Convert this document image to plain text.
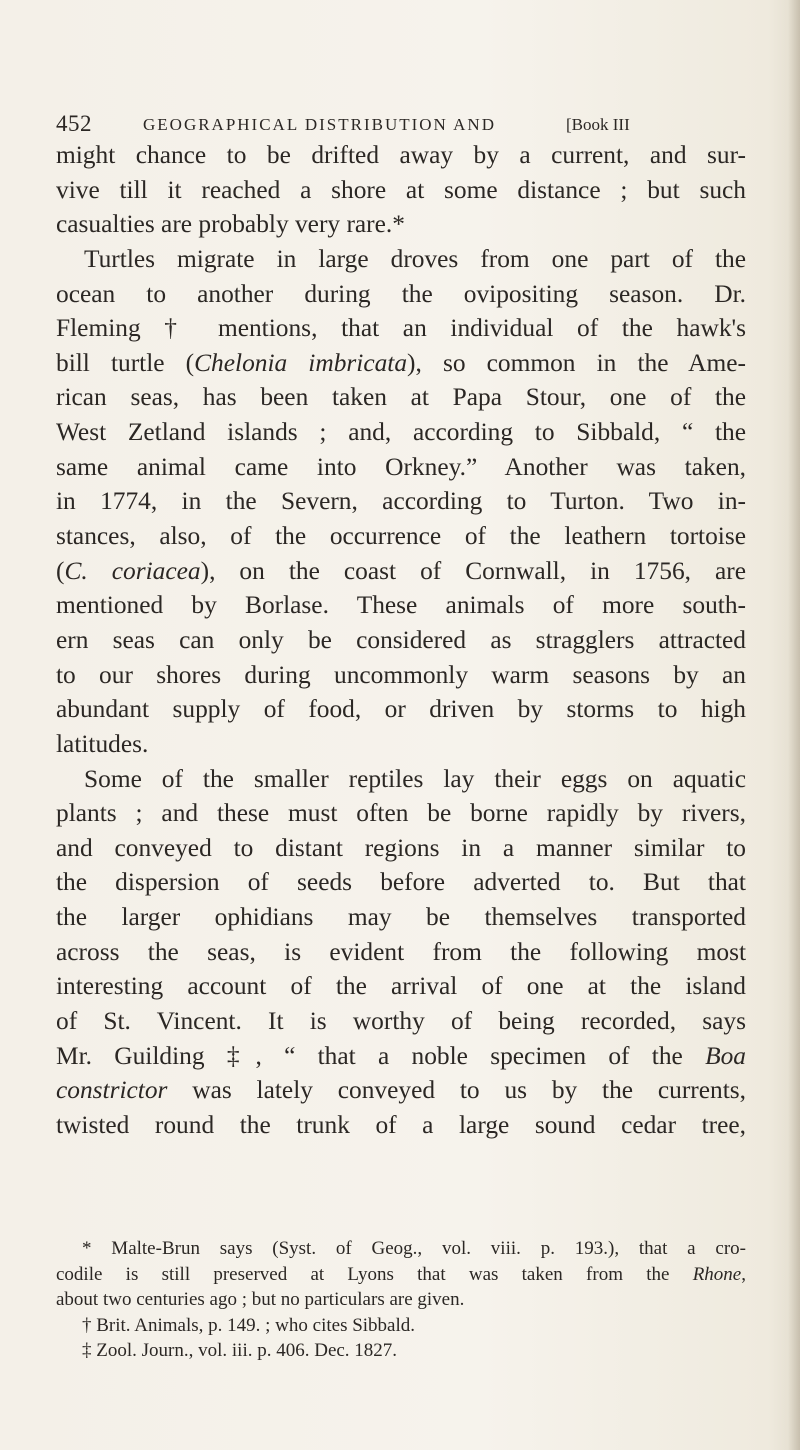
452	GEOGRAPHICAL DISTRIBUTION AND	[Book III
might chance to be drifted away by a current, and sur-
vive till it reached a shore at some distance ; but such
casualties are probably very rare.*
Turtles migrate in large droves from one part of the
ocean to another during the ovipositing season. Dr.
Fleming † mentions, that an individual of the hawk's
bill turtle (Chelonia imbricata), so common in the Ame-
rican seas, has been taken at Papa Stour, one of the
West Zetland islands ; and, according to Sibbald, “ the
same animal came into Orkney.” Another was taken,
in 1774, in the Severn, according to Turton. Two in-
stances, also, of the occurrence of the leathern tortoise
(C. coriacea), on the coast of Cornwall, in 1756, are
mentioned by Borlase. These animals of more south-
ern seas can only be considered as stragglers attracted
to our shores during uncommonly warm seasons by an
abundant supply of food, or driven by storms to high
latitudes.
Some of the smaller reptiles lay their eggs on aquatic
plants ; and these must often be borne rapidly by rivers,
and conveyed to distant regions in a manner similar to
the dispersion of seeds before adverted to. But that
the larger ophidians may be themselves transported
across the seas, is evident from the following most
interesting account of the arrival of one at the island
of St. Vincent. It is worthy of being recorded, says
Mr. Guilding ‡, “ that a noble specimen of the Boa
constrictor was lately conveyed to us by the currents,
twisted round the trunk of a large sound cedar tree,
* Malte-Brun says (Syst. of Geog., vol. viii. p. 193.), that a cro-
codile is still preserved at Lyons that was taken from the Rhone,
about two centuries ago ; but no particulars are given.
† Brit. Animals, p. 149. ; who cites Sibbald.
‡ Zool. Journ., vol. iii. p. 406. Dec. 1827.
